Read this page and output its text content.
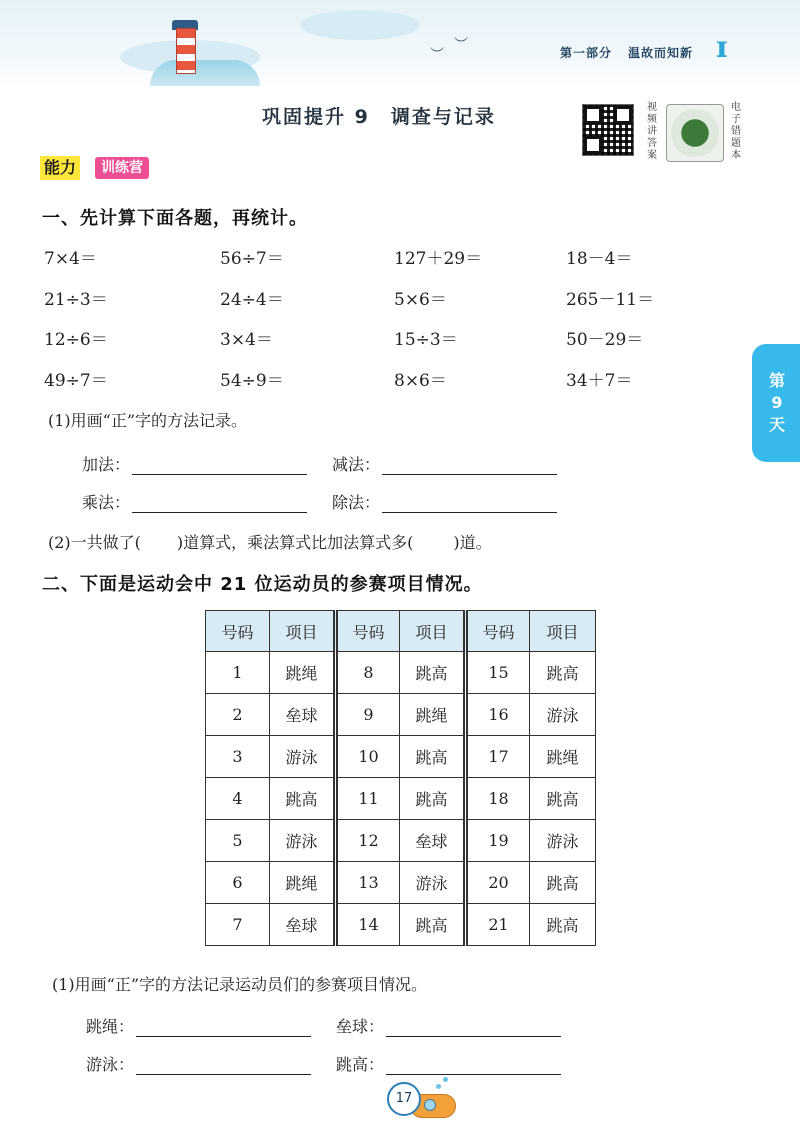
︶
︶	第一部分 温故而知新 ɪ
巩固提升 9　调查与记录	视频讲答案
电子错题本
能力	训练营
第
9
天
一、先计算下面各题，再统计。
7×4＝	56÷7＝	127＋29＝	18－4＝
21÷3＝	24÷4＝	5×6＝	265－11＝
12÷6＝	3×4＝	15÷3＝	50－29＝
49÷7＝	54÷9＝	8×6＝	34＋7＝
(1)用画“正”字的方法记录。
加法：	减法：
乘法：	除法：
(2)一共做了( )道算式，乘法算式比加法算式多(	)道。
二、下面是运动会中 21 位运动员的参赛项目情况。
号码	项目	号码	项目	号码	项目
1	跳绳	8	跳高	15	跳高
2	垒球	9	跳绳	16	游泳
3	游泳	10	跳高	17	跳绳
4	跳高	11	跳高	18	跳高
5	游泳	12	垒球	19	游泳
6	跳绳	13	游泳	20	跳高
7	垒球	14	跳高	21	跳高
(1)用画“正”字的方法记录运动员们的参赛项目情况。
跳绳：	垒球：
游泳：	跳高：
17
